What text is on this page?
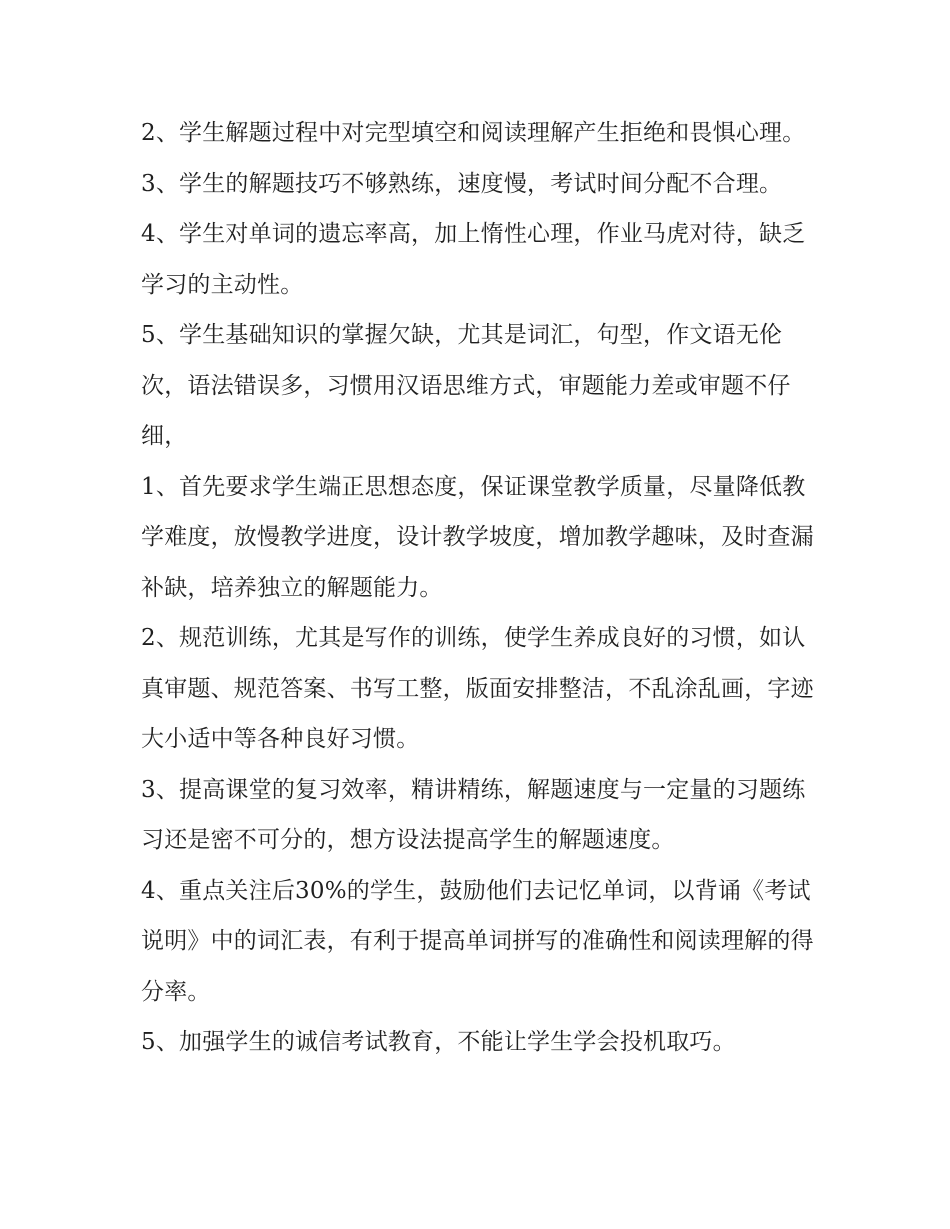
2、学生解题过程中对完型填空和阅读理解产生拒绝和畏惧心理。

3、学生的解题技巧不够熟练，速度慢，考试时间分配不合理。 4、学生对单词的遗忘率高，加上惰性心理，作业马虎对待，缺乏学习的主动性。

5、学生基础知识的掌握欠缺，尤其是词汇，句型，作文语无伦次，语法错误多，习惯用汉语思维方式，审题能力差或审题不仔细，

1、首先要求学生端正思想态度，保证课堂教学质量，尽量降低教学难度，放慢教学进度，设计教学坡度，增加教学趣味，及时查漏补缺，培养独立的解题能力。

2、规范训练，尤其是写作的训练，使学生养成良好的习惯，如认真审题、规范答案、书写工整，版面安排整洁，不乱涂乱画，字迹大小适中等各种良好习惯。

3、提高课堂的复习效率，精讲精练，解题速度与一定量的习题练习还是密不可分的，想方设法提高学生的解题速度。

4、重点关注后30%的学生，鼓励他们去记忆单词，以背诵《考试说明》中的词汇表，有利于提高单词拼写的准确性和阅读理解的得分率。

5、加强学生的诚信考试教育，不能让学生学会投机取巧。
